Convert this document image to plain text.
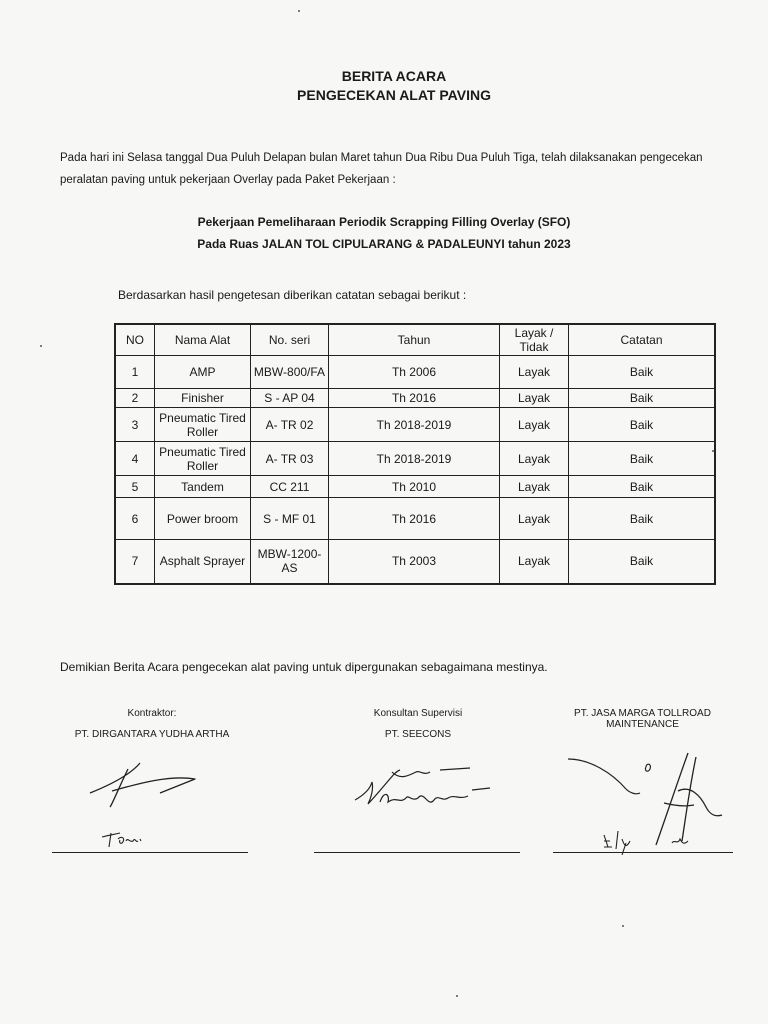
BERITA ACARA
PENGECEKAN ALAT PAVING
Pada hari ini Selasa tanggal Dua Puluh Delapan bulan Maret tahun Dua Ribu Dua Puluh Tiga, telah dilaksanakan pengecekan peralatan paving untuk pekerjaan Overlay pada Paket Pekerjaan :
Pekerjaan Pemeliharaan Periodik Scrapping Filling Overlay (SFO)
Pada Ruas JALAN TOL CIPULARANG & PADALEUNYI tahun 2023
Berdasarkan hasil pengetesan diberikan catatan sebagai berikut :
NO	Nama Alat	No. seri	Tahun	Layak / Tidak	Catatan
1	AMP	MBW-800/FA	Th 2006	Layak	Baik
2	Finisher	S - AP 04	Th 2016	Layak	Baik
3	Pneumatic Tired Roller	A- TR 02	Th 2018-2019	Layak	Baik
4	Pneumatic Tired Roller	A- TR 03	Th 2018-2019	Layak	Baik
5	Tandem	CC 211	Th 2010	Layak	Baik
6	Power broom	S - MF 01	Th 2016	Layak	Baik
7	Asphalt Sprayer	MBW-1200-AS	Th 2003	Layak	Baik
Demikian Berita Acara pengecekan alat paving untuk dipergunakan sebagaimana mestinya.
Kontraktor:
PT. DIRGANTARA YUDHA ARTHA
Konsultan Supervisi
PT. SEECONS
PT. JASA MARGA TOLLROAD MAINTENANCE
